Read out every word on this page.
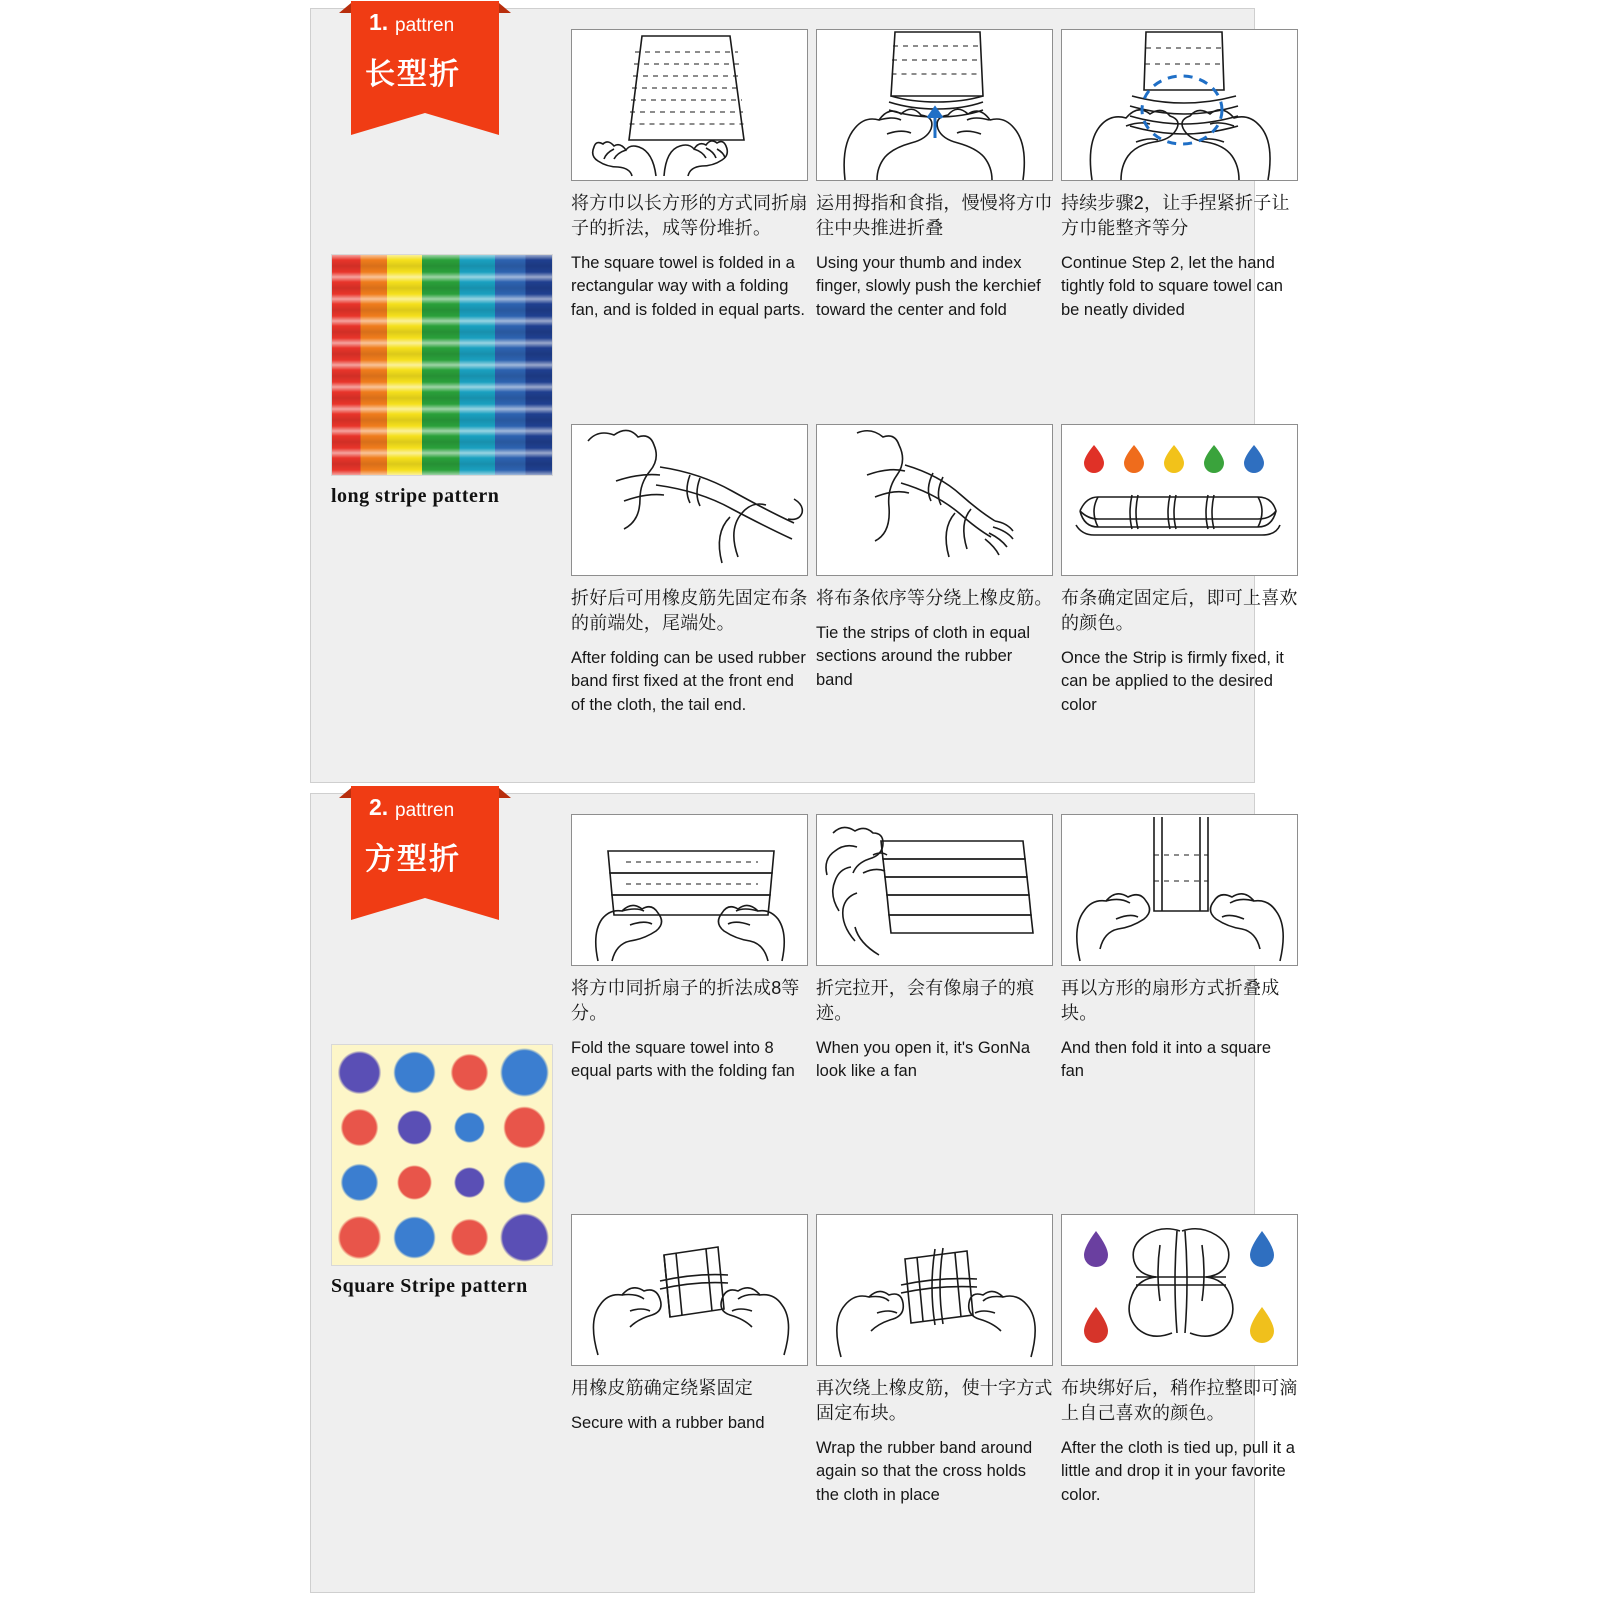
1. pattren
长型折
long stripe pattern
将方巾以长方形的方式同折扇子的折法，成等份堆折。
The square towel is folded in a rectangular way with a folding fan, and is folded in equal parts.
运用拇指和食指，慢慢将方巾往中央推进折叠
Using your thumb and index finger, slowly push the kerchief toward the center and fold
持续步骤2，让手捏紧折子让方巾能整齐等分
Continue Step 2, let the hand tightly fold to square towel can be neatly divided
折好后可用橡皮筋先固定布条的前端处，尾端处。
After folding can be used rubber band first fixed at the front end of the cloth, the tail end.
将布条依序等分绕上橡皮筋。
Tie the strips of cloth in equal sections around the rubber band
布条确定固定后，即可上喜欢的颜色。
Once the Strip is firmly fixed, it can be applied to the desired color
2. pattren
方型折
Square Stripe pattern
将方巾同折扇子的折法成8等分。
Fold the square towel into 8 equal parts with the folding fan
折完拉开，会有像扇子的痕迹。
When you open it, it's GonNa look like a fan
再以方形的扇形方式折叠成块。
And then fold it into a square fan
用橡皮筋确定绕紧固定
Secure with a rubber band
再次绕上橡皮筋，使十字方式固定布块。
Wrap the rubber band around again so that the cross holds the cloth in place
布块绑好后，稍作拉整即可滴上自己喜欢的颜色。
After the cloth is tied up, pull it a little and drop it in your favorite color.
